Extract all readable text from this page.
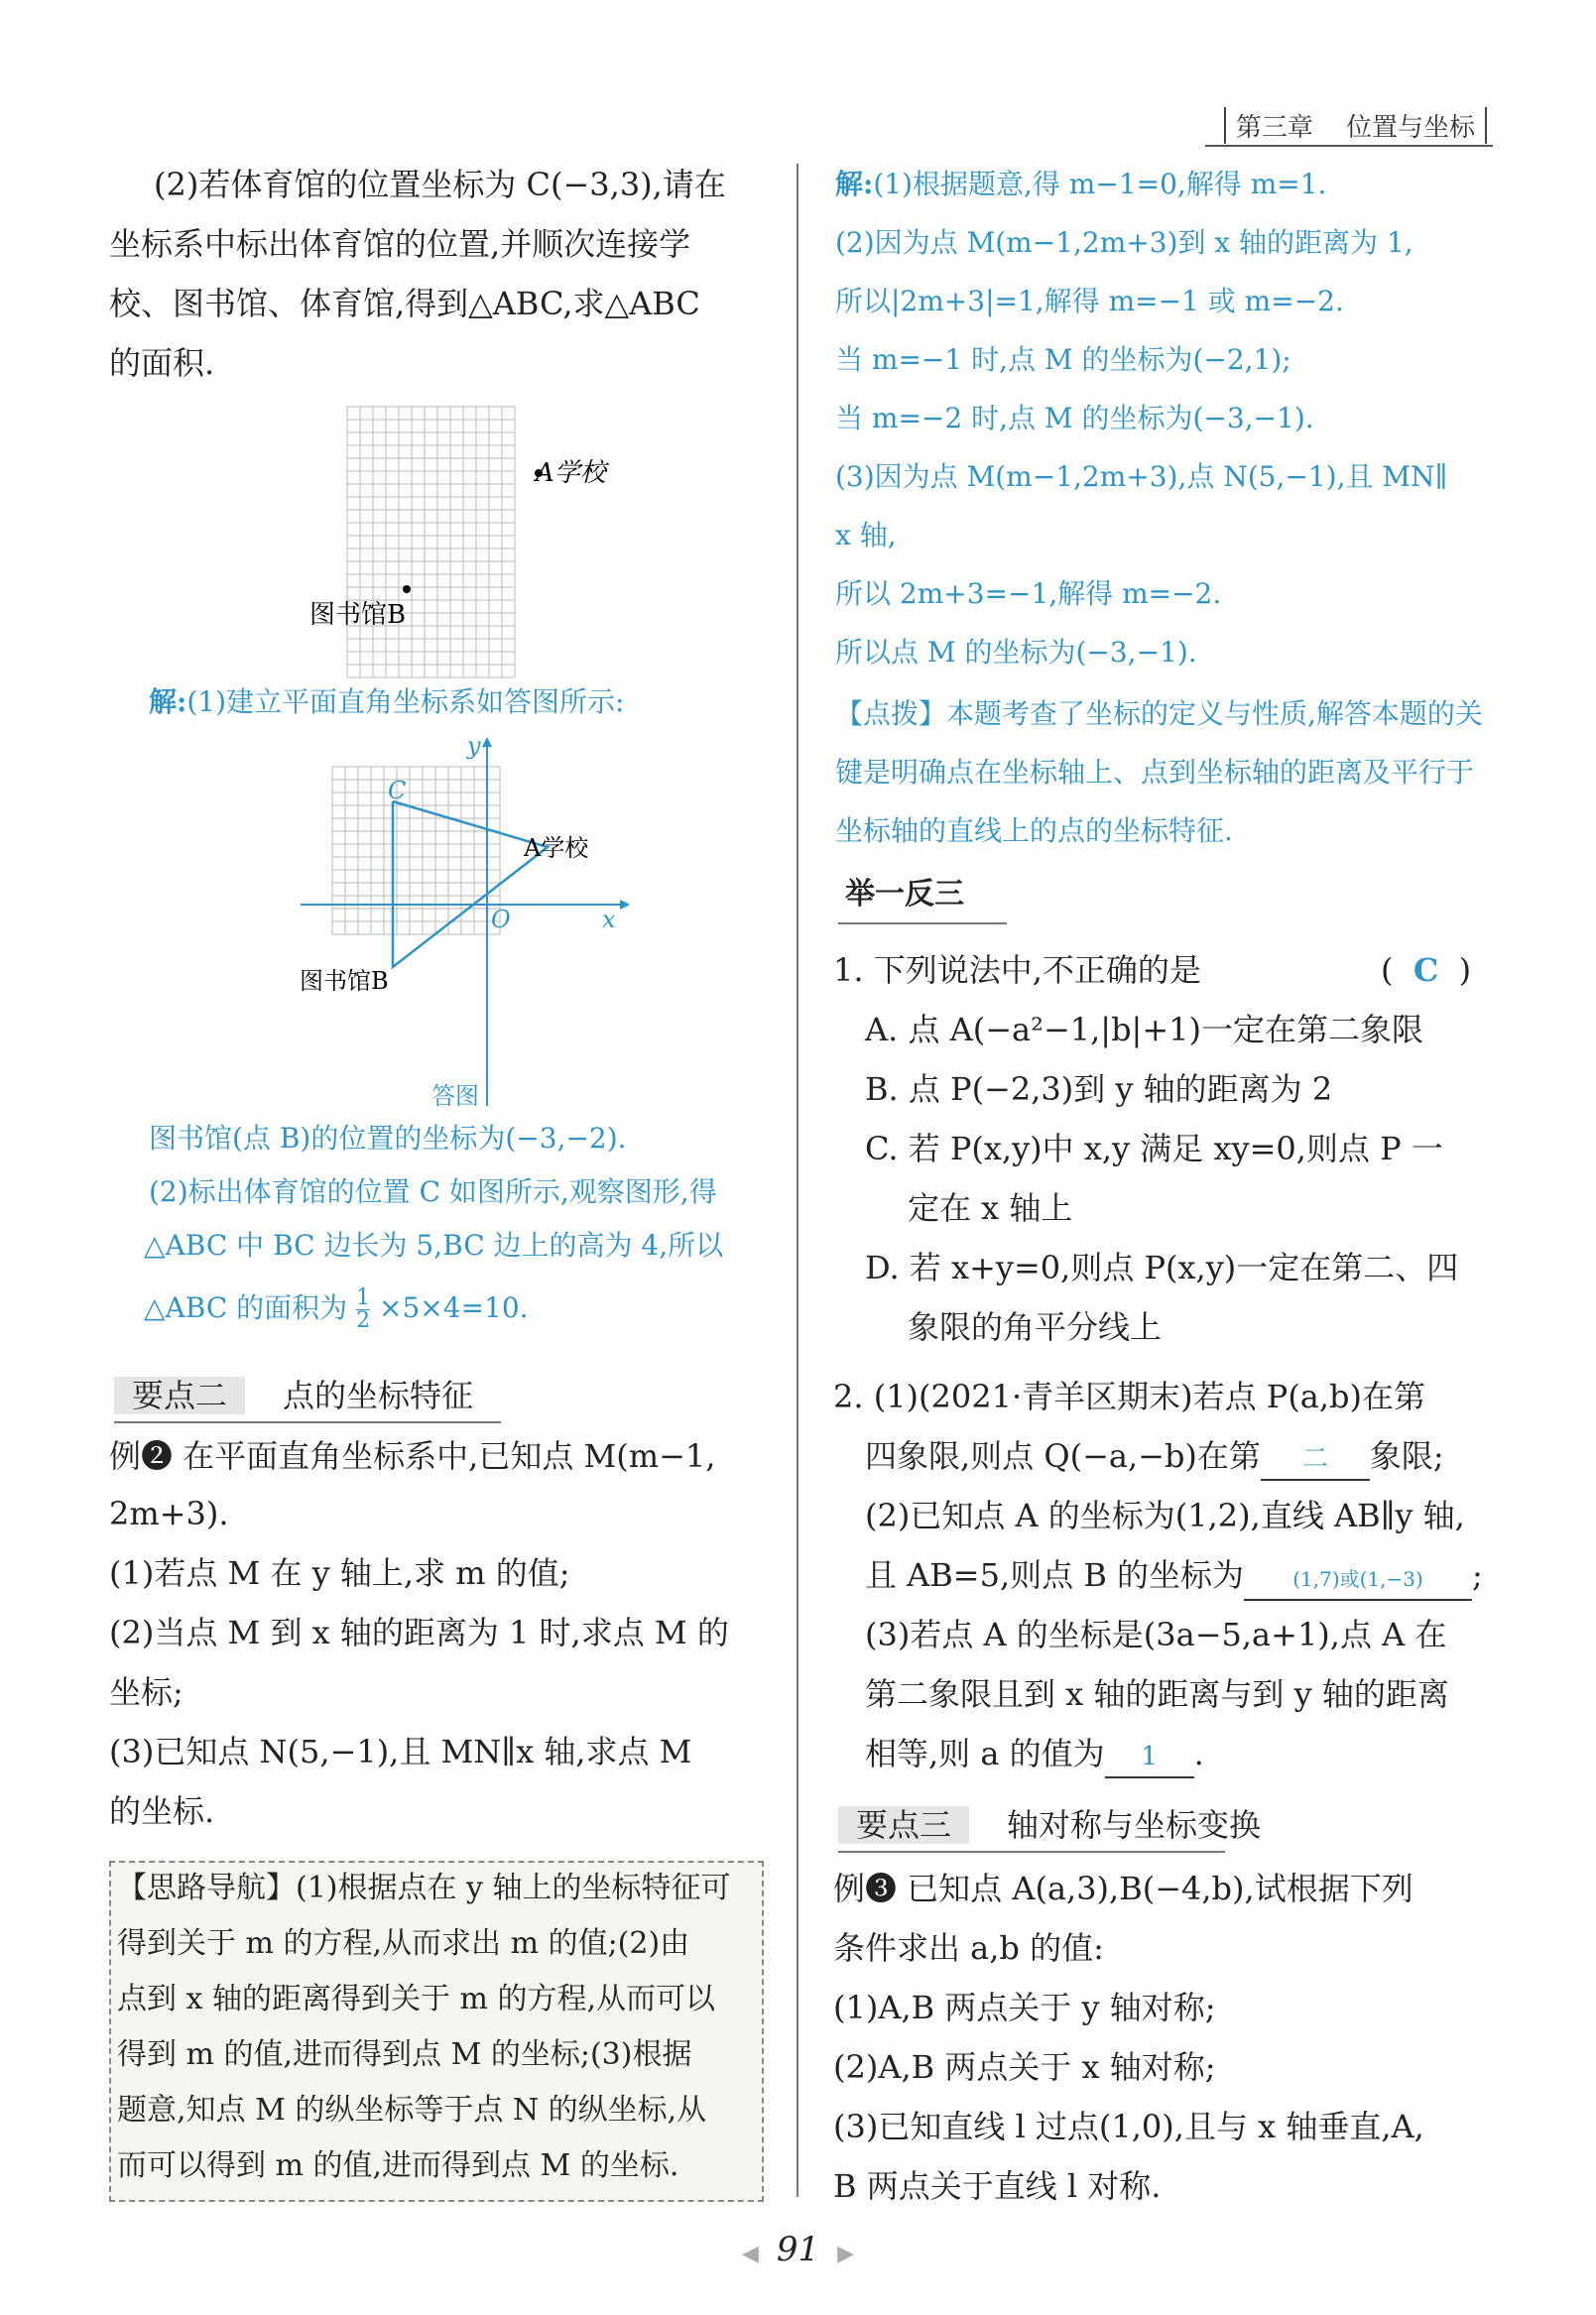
第三章 位置与坐标
(2)若体育馆的位置坐标为 C(−3,3),请在
坐标系中标出体育馆的位置,并顺次连接学
校、图书馆、体育馆,得到△ABC,求△ABC
的面积.
A学校
图书馆B
解:(1)建立平面直角坐标系如答图所示:
y
x
O
C
A学校
图书馆B
答图
图书馆(点 B)的位置的坐标为(−3,−2).
(2)标出体育馆的位置 C 如图所示,观察图形,得
△ABC 中 BC 边长为 5,BC 边上的高为 4,所以
△ABC 的面积为 $\frac{1}{2} \times 5\times 4=10$.
要点二 点的坐标特征
例❷ 在平面直角坐标系中,已知点 M(m−1,
2m+3).
(1)若点 M 在 y 轴上,求 m 的值;
(2)当点 M 到 x 轴的距离为 1 时,求点 M 的
坐标;
(3)已知点 N(5,−1),且 MN∥x 轴,求点 M
的坐标.
【思路导航】(1)根据点在 y 轴上的坐标特征可
得到关于 m 的方程,从而求出 m 的值;(2)由
点到 x 轴的距离得到关于 m 的方程,从而可以
得到 m 的值,进而得到点 M 的坐标;(3)根据
题意,知点 M 的纵坐标等于点 N 的纵坐标,从
而可以得到 m 的值,进而得到点 M 的坐标.
解:(1)根据题意,得 m−1=0,解得 m=1.
(2)因为点 M(m−1,2m+3)到 x 轴的距离为 1,
所以|2m+3|=1,解得 m=−1 或 m=−2.
当 m=−1 时,点 M 的坐标为(−2,1);
当 m=−2 时,点 M 的坐标为(−3,−1).
(3)因为点 M(m−1,2m+3),点 N(5,−1),且 MN∥
x 轴,
所以 2m+3=−1,解得 m=−2.
所以点 M 的坐标为(−3,−1).
【点拨】本题考查了坐标的定义与性质,解答本题的关
键是明确点在坐标轴上、点到坐标轴的距离及平行于
坐标轴的直线上的点的坐标特征.
举一反三
1. 下列说法中,不正确的是	(  C  )
A. 点 A(−a²−1,|b|+1)一定在第二象限
B. 点 P(−2,3)到 y 轴的距离为 2
C. 若 P(x,y)中 x,y 满足 xy=0,则点 P 一
定在 x 轴上
D. 若 x+y=0,则点 P(x,y)一定在第二、四
象限的角平分线上
2. (1)(2021·青羊区期末)若点 P(a,b)在第
四象限,则点 Q(−a,−b)在第 二 象限;
(2)已知点 A 的坐标为(1,2),直线 AB∥y 轴,
且 AB=5,则点 B 的坐标为 (1,7)或(1,−3) ;
(3)若点 A 的坐标是(3a−5,a+1),点 A 在
第二象限且到 x 轴的距离与到 y 轴的距离
相等,则 a 的值为 1 .
要点三 轴对称与坐标变换
例❸ 已知点 A(a,3),B(−4,b),试根据下列
条件求出 a,b 的值:
(1)A,B 两点关于 y 轴对称;
(2)A,B 两点关于 x 轴对称;
(3)已知直线 l 过点(1,0),且与 x 轴垂直,A,
B 两点关于直线 l 对称.
◀ 91 ▶
